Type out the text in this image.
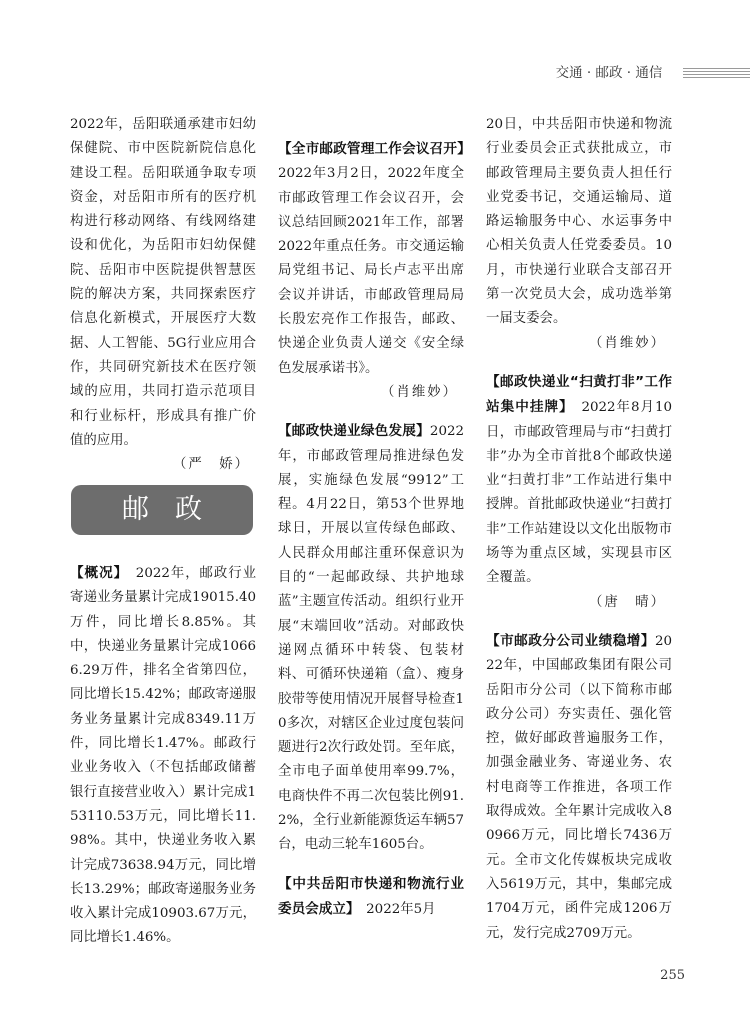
交通 · 邮政 · 通信

2022年，岳阳联通承建市妇幼保健院、市中医院新院信息化建设工程。岳阳联通争取专项资金，对岳阳市所有的医疗机构进行移动网络、有线网络建设和优化，为岳阳市妇幼保健院、岳阳市中医院提供智慧医院的解决方案，共同探索医疗信息化新模式，开展医疗大数据、人工智能、5G行业应用合作，共同研究新技术在医疗领域的应用，共同打造示范项目和行业标杆，形成具有推广价值的应用。

（严　娇）

邮政

【概况】　 2022年，邮政行业寄递业务量累计完成19015.40万件，同比增长8.85%。其中，快递业务量累计完成10666.29万件，排名全省第四位，同比增长15.42%；邮政寄递服务业务量累计完成8349.11万件，同比增长1.47%。邮政行业业务收入（不包括邮政储蓄银行直接营业收入）累计完成153110.53万元，同比增长11.98%。其中，快递业务收入累计完成73638.94万元，同比增长13.29%；邮政寄递服务业务收入累计完成10903.67万元，同比增长1.46%。

【全市邮政管理工作会议召开】　2022年3月2日，2022年度全市邮政管理工作会议召开，会议总结回顾2021年工作，部署2022年重点任务。市交通运输局党组书记、局长卢志平出席会议并讲话，市邮政管理局局长殷宏亮作工作报告，邮政、快递企业负责人递交《安全绿色发展承诺书》。

（肖维妙）

【邮政快递业绿色发展】2022年，市邮政管理局推进绿色发展，实施绿色发展“9912”工程。4月22日，第53个世界地球日，开展以宣传绿色邮政、人民群众用邮注重环保意识为目的“一起邮政绿、共护地球蓝”主题宣传活动。组织行业开展“末端回收”活动。对邮政快递网点循环中转袋、包装材料、可循环快递箱（盒）、瘦身胶带等使用情况开展督导检查10多次，对辖区企业过度包装问题进行2次行政处罚。至年底，全市电子面单使用率99.7%，电商快件不再二次包装比例91.2%，全行业新能源货运车辆57台，电动三轮车1605台。

【中共岳阳市快递和物流行业委员会成立】　 2022年5月

20日，中共岳阳市快递和物流行业委员会正式获批成立，市邮政管理局主要负责人担任行业党委书记，交通运输局、道路运输服务中心、水运事务中心相关负责人任党委委员。10月，市快递行业联合支部召开第一次党员大会，成功选举第一届支委会。

（肖维妙）

【邮政快递业“扫黄打非”工作站集中挂牌】　 2022年8月10日，市邮政管理局与市“扫黄打非”办为全市首批8个邮政快递业“扫黄打非”工作站进行集中授牌。首批邮政快递业“扫黄打非”工作站建设以文化出版物市场等为重点区域，实现县市区全覆盖。

（唐　晴）

【市邮政分公司业绩稳增】2022年，中国邮政集团有限公司岳阳市分公司（以下简称市邮政分公司）夯实责任、强化管控，做好邮政普遍服务工作，加强金融业务、寄递业务、农村电商等工作推进，各项工作取得成效。全年累计完成收入80966万元，同比增长7436万元。全市文化传媒板块完成收入5619万元，其中，集邮完成1704万元，函件完成1206万元，发行完成2709万元。

255
